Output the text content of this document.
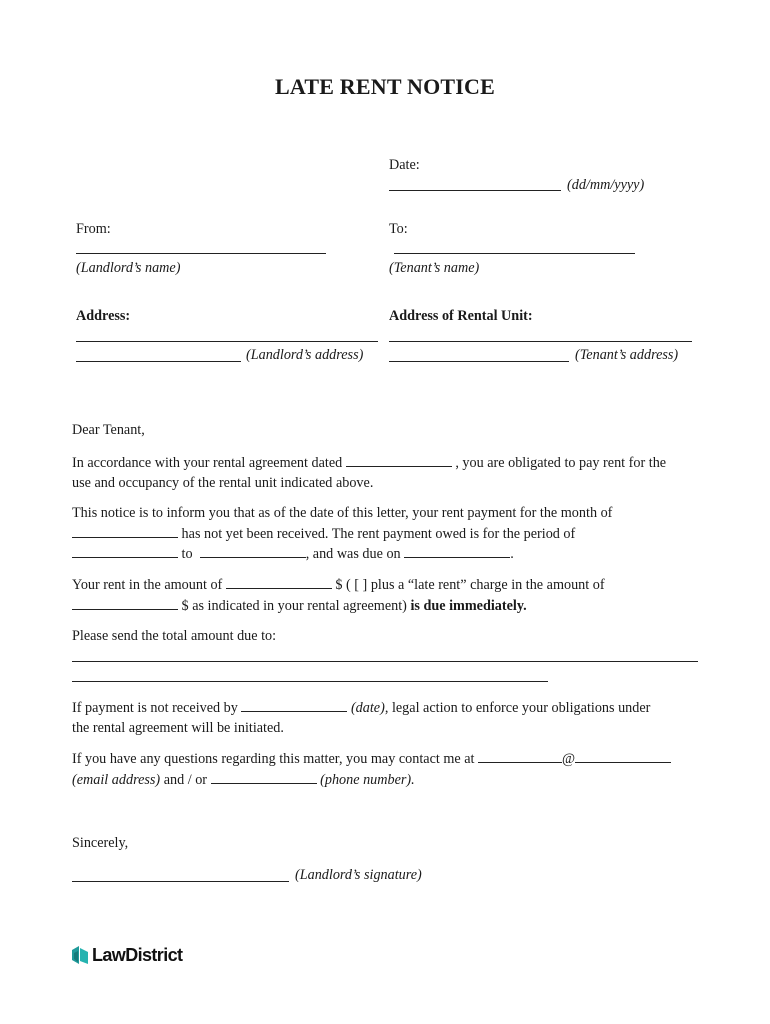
LATE RENT NOTICE
Date:
(dd/mm/yyyy)
From:	To:
(Landlord’s name)	(Tenant’s name)
Address:	Address of Rental Unit:
(Landlord’s address)	(Tenant’s address)
Dear Tenant,
In accordance with your rental agreement dated	, you are obligated to pay rent for the
use and occupancy of the rental unit indicated above.
This notice is to inform you that as of the date of this letter, your rent payment for the month of
has not yet been received. The rent payment owed is for the period of
to	, and was due on	.
Your rent in the amount of	$ ( [ ] plus a “late rent” charge in the amount of
$ as indicated in your rental agreement) is due immediately.
Please send the total amount due to:
If payment is not received by	(date), legal action to enforce your obligations under
the rental agreement will be initiated.
If you have any questions regarding this matter, you may contact me at	@
(email address) and / or	(phone number).
Sincerely,
(Landlord’s signature)
LawDistrict
